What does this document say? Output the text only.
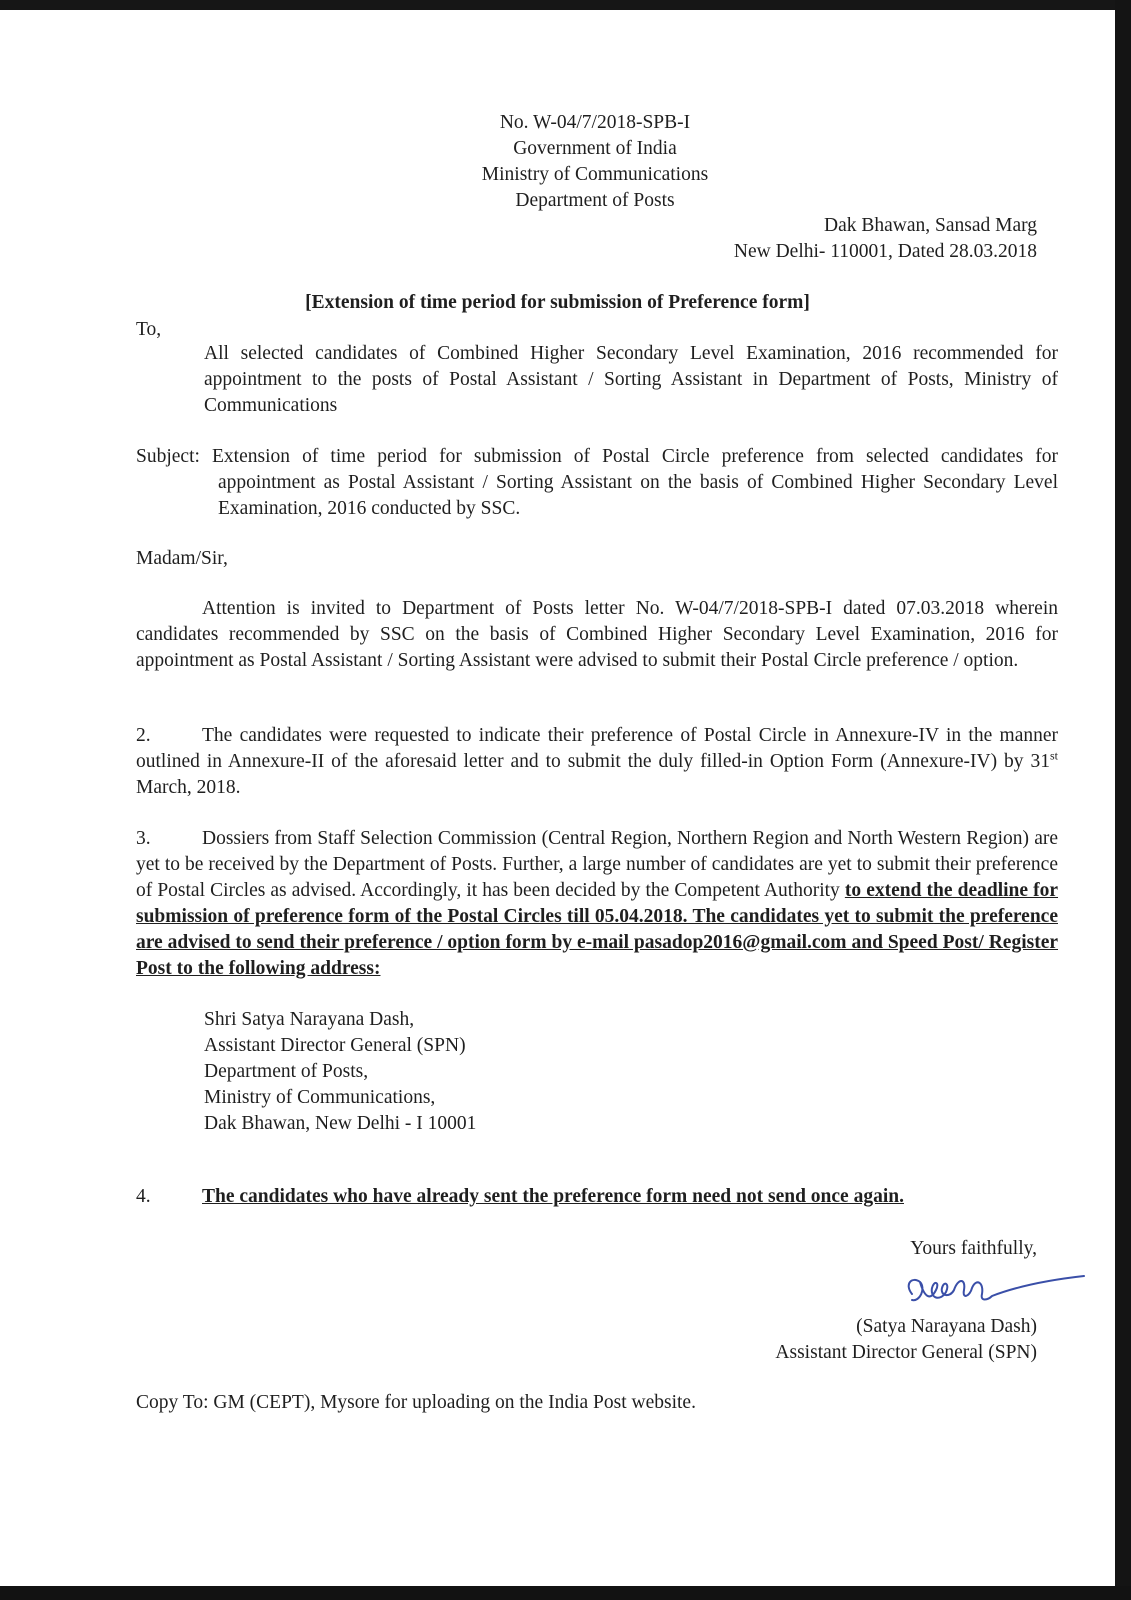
No. W-04/7/2018-SPB-I
Government of India
Ministry of Communications
Department of Posts
Dak Bhawan, Sansad Marg
New Delhi- 110001, Dated 28.03.2018
[Extension of time period for submission of Preference form]
To,
All selected candidates of Combined Higher Secondary Level Examination, 2016 recommended for appointment to the posts of Postal Assistant / Sorting Assistant in Department of Posts, Ministry of Communications
Subject: Extension of time period for submission of Postal Circle preference from selected candidates for appointment as Postal Assistant / Sorting Assistant on the basis of Combined Higher Secondary Level Examination, 2016 conducted by SSC.
Madam/Sir,
Attention is invited to Department of Posts letter No. W-04/7/2018-SPB-I dated 07.03.2018 wherein candidates recommended by SSC on the basis of Combined Higher Secondary Level Examination, 2016 for appointment as Postal Assistant / Sorting Assistant were advised to submit their Postal Circle preference / option.
2.	The candidates were requested to indicate their preference of Postal Circle in Annexure-IV in the manner outlined in Annexure-II of the aforesaid letter and to submit the duly filled-in Option Form (Annexure-IV) by 31st March, 2018.
3.	Dossiers from Staff Selection Commission (Central Region, Northern Region and North Western Region) are yet to be received by the Department of Posts. Further, a large number of candidates are yet to submit their preference of Postal Circles as advised. Accordingly, it has been decided by the Competent Authority to extend the deadline for submission of preference form of the Postal Circles till 05.04.2018. The candidates yet to submit the preference are advised to send their preference / option form by e-mail pasadop2016@gmail.com and Speed Post/ Register Post to the following address:
Shri Satya Narayana Dash,
Assistant Director General (SPN)
Department of Posts,
Ministry of Communications,
Dak Bhawan, New Delhi - I 10001
4.	The candidates who have already sent the preference form need not send once again.
Yours faithfully,
(Satya Narayana Dash)
Assistant Director General (SPN)
Copy To: GM (CEPT), Mysore for uploading on the India Post website.
